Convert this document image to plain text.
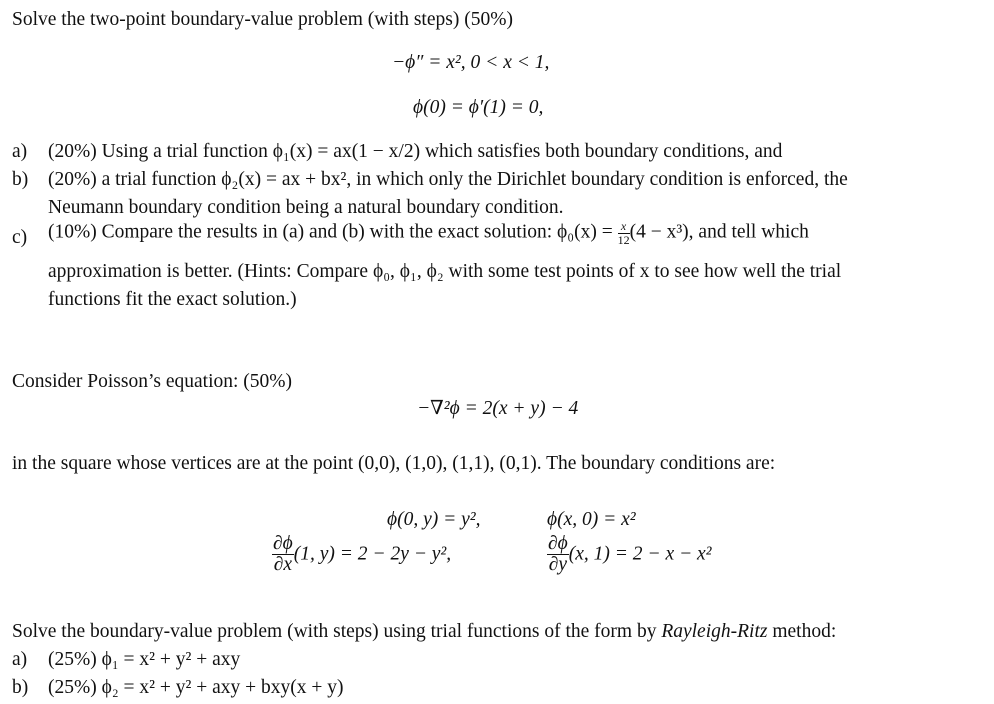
Solve the two-point boundary-value problem (with steps) (50%)
−ϕ″ = x², 0 < x < 1,
ϕ(0) = ϕ′(1) = 0,
a) (20%) Using a trial function ϕ₁(x) = ax(1 − x/2) which satisfies both boundary conditions, and
b) (20%) a trial function ϕ₂(x) = ax + bx², in which only the Dirichlet boundary condition is enforced, the
Neumann boundary condition being a natural boundary condition.
c) (10%) Compare the results in (a) and (b) with the exact solution: $\phi_0(x) = \frac{x}{12} (4 - x^3)$, and tell which
approximation is better. (Hints: Compare ϕ₀, ϕ₁, ϕ₂ with some test points of x to see how well the trial
functions fit the exact solution.)
Consider Poisson’s equation: (50%)
−∇²ϕ = 2(x + y) − 4
in the square whose vertices are at the point (0,0), (1,0), (1,1), (0,1). The boundary conditions are:
ϕ(0, y) = y²,	ϕ(x, 0) = x²
$\frac{\partial\phi}{\partial x} (1$, y) = 2 − 2y − y²,	$\frac{\partial\phi}{\partial y} (x$, 1) = 2 − x − x²
Solve the boundary-value problem (with steps) using trial functions of the form by Rayleigh-Ritz method:
a) (25%) ϕ₁ = x² + y² + axy
b) (25%) ϕ₂ = x² + y² + axy + bxy(x + y)
